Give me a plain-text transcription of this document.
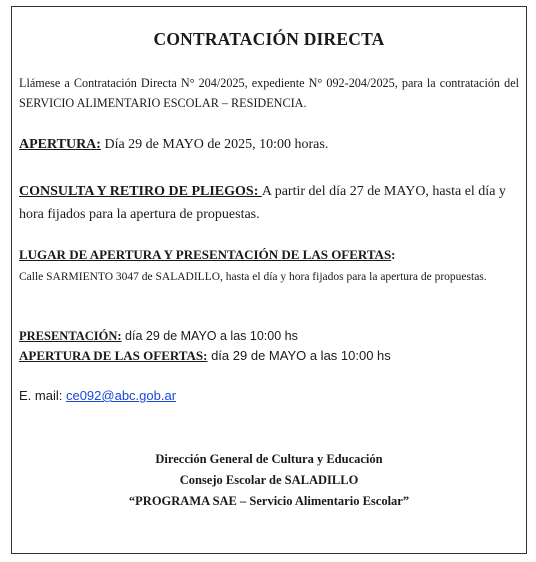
CONTRATACIÓN DIRECTA
Llámese a Contratación Directa N° 204/2025, expediente N° 092-204/2025, para la contratación del SERVICIO ALIMENTARIO ESCOLAR – RESIDENCIA.
APERTURA: Día 29 de MAYO de 2025, 10:00 horas.
CONSULTA Y RETIRO DE PLIEGOS: A partir del día 27 de MAYO, hasta el día y hora fijados para la apertura de propuestas.
LUGAR DE APERTURA Y PRESENTACIÓN DE LAS OFERTAS:
Calle SARMIENTO 3047 de SALADILLO, hasta el día y hora fijados para la apertura de propuestas.
PRESENTACIÓN: día 29 de MAYO a las 10:00 hs
APERTURA DE LAS OFERTAS: día 29 de MAYO a las 10:00 hs
E. mail: ce092@abc.gob.ar
Dirección General de Cultura y Educación
Consejo Escolar de SALADILLO
“PROGRAMA SAE – Servicio Alimentario Escolar”
